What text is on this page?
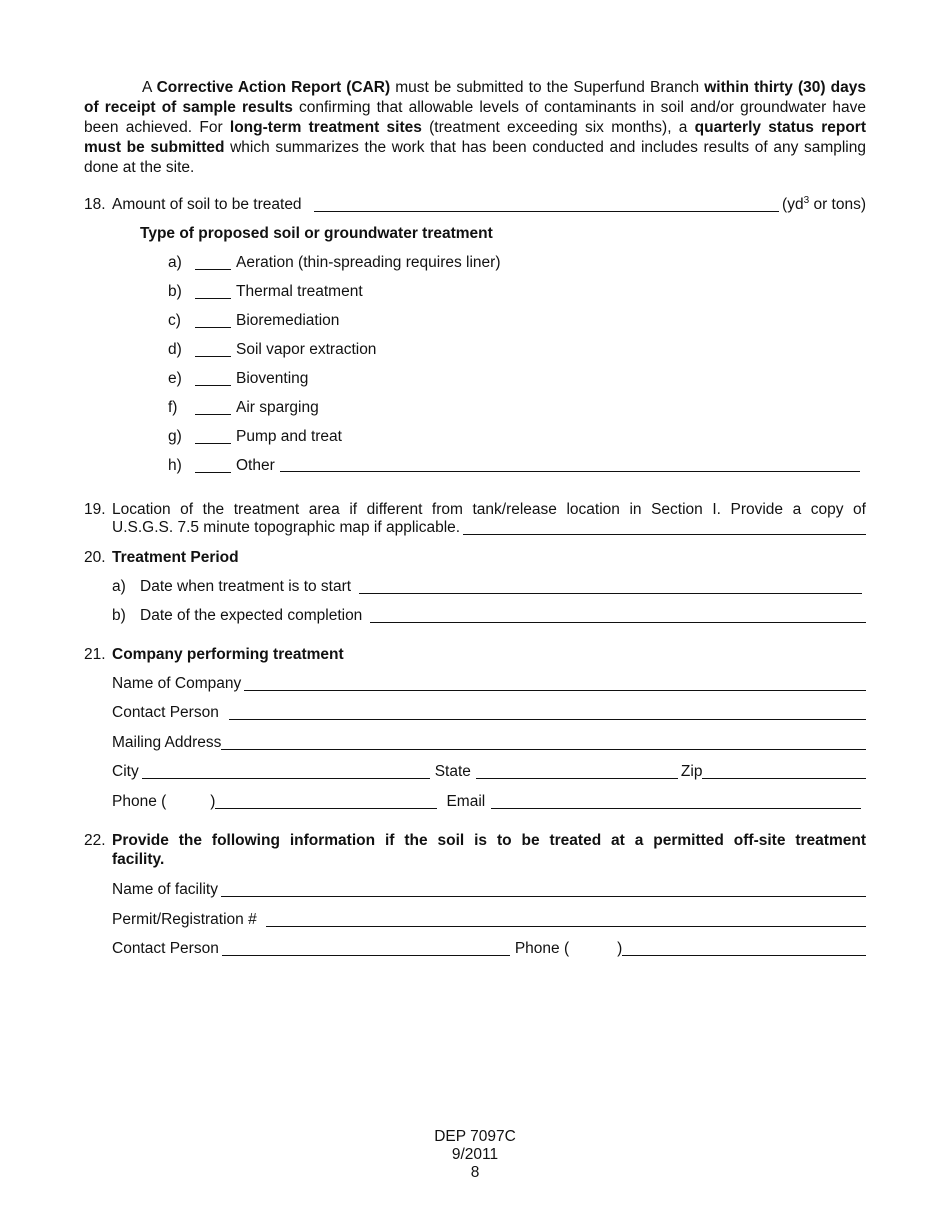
A Corrective Action Report (CAR) must be submitted to the Superfund Branch within thirty (30) days of receipt of sample results confirming that allowable levels of contaminants in soil and/or groundwater have been achieved. For long-term treatment sites (treatment exceeding six months), a quarterly status report must be submitted which summarizes the work that has been conducted and includes results of any sampling done at the site.

18. Amount of soil to be treated	($yd^3$ or tons)
Type of proposed soil or groundwater treatment
a)	Aeration (thin-spreading requires liner)
b)	Thermal treatment
c)	Bioremediation
d)	Soil vapor extraction
e)	Bioventing
f)	Air sparging
g)	Pump and treat
h)	Other
19. Location of the treatment area if different from tank/release location in Section I. Provide a copy of
U.S.G.S. 7.5 minute topographic map if applicable.
20. Treatment Period
a) Date when treatment is to start
b) Date of the expected completion
21. Company performing treatment
Name of Company
Contact Person
Mailing Address
City	State	Zip
Phone (	)	Email
22. Provide the following information if the soil is to be treated at a permitted off-site treatment
facility.
Name of facility
Permit/Registration #
Contact Person	Phone (	)
DEP 7097C
9/2011
8
